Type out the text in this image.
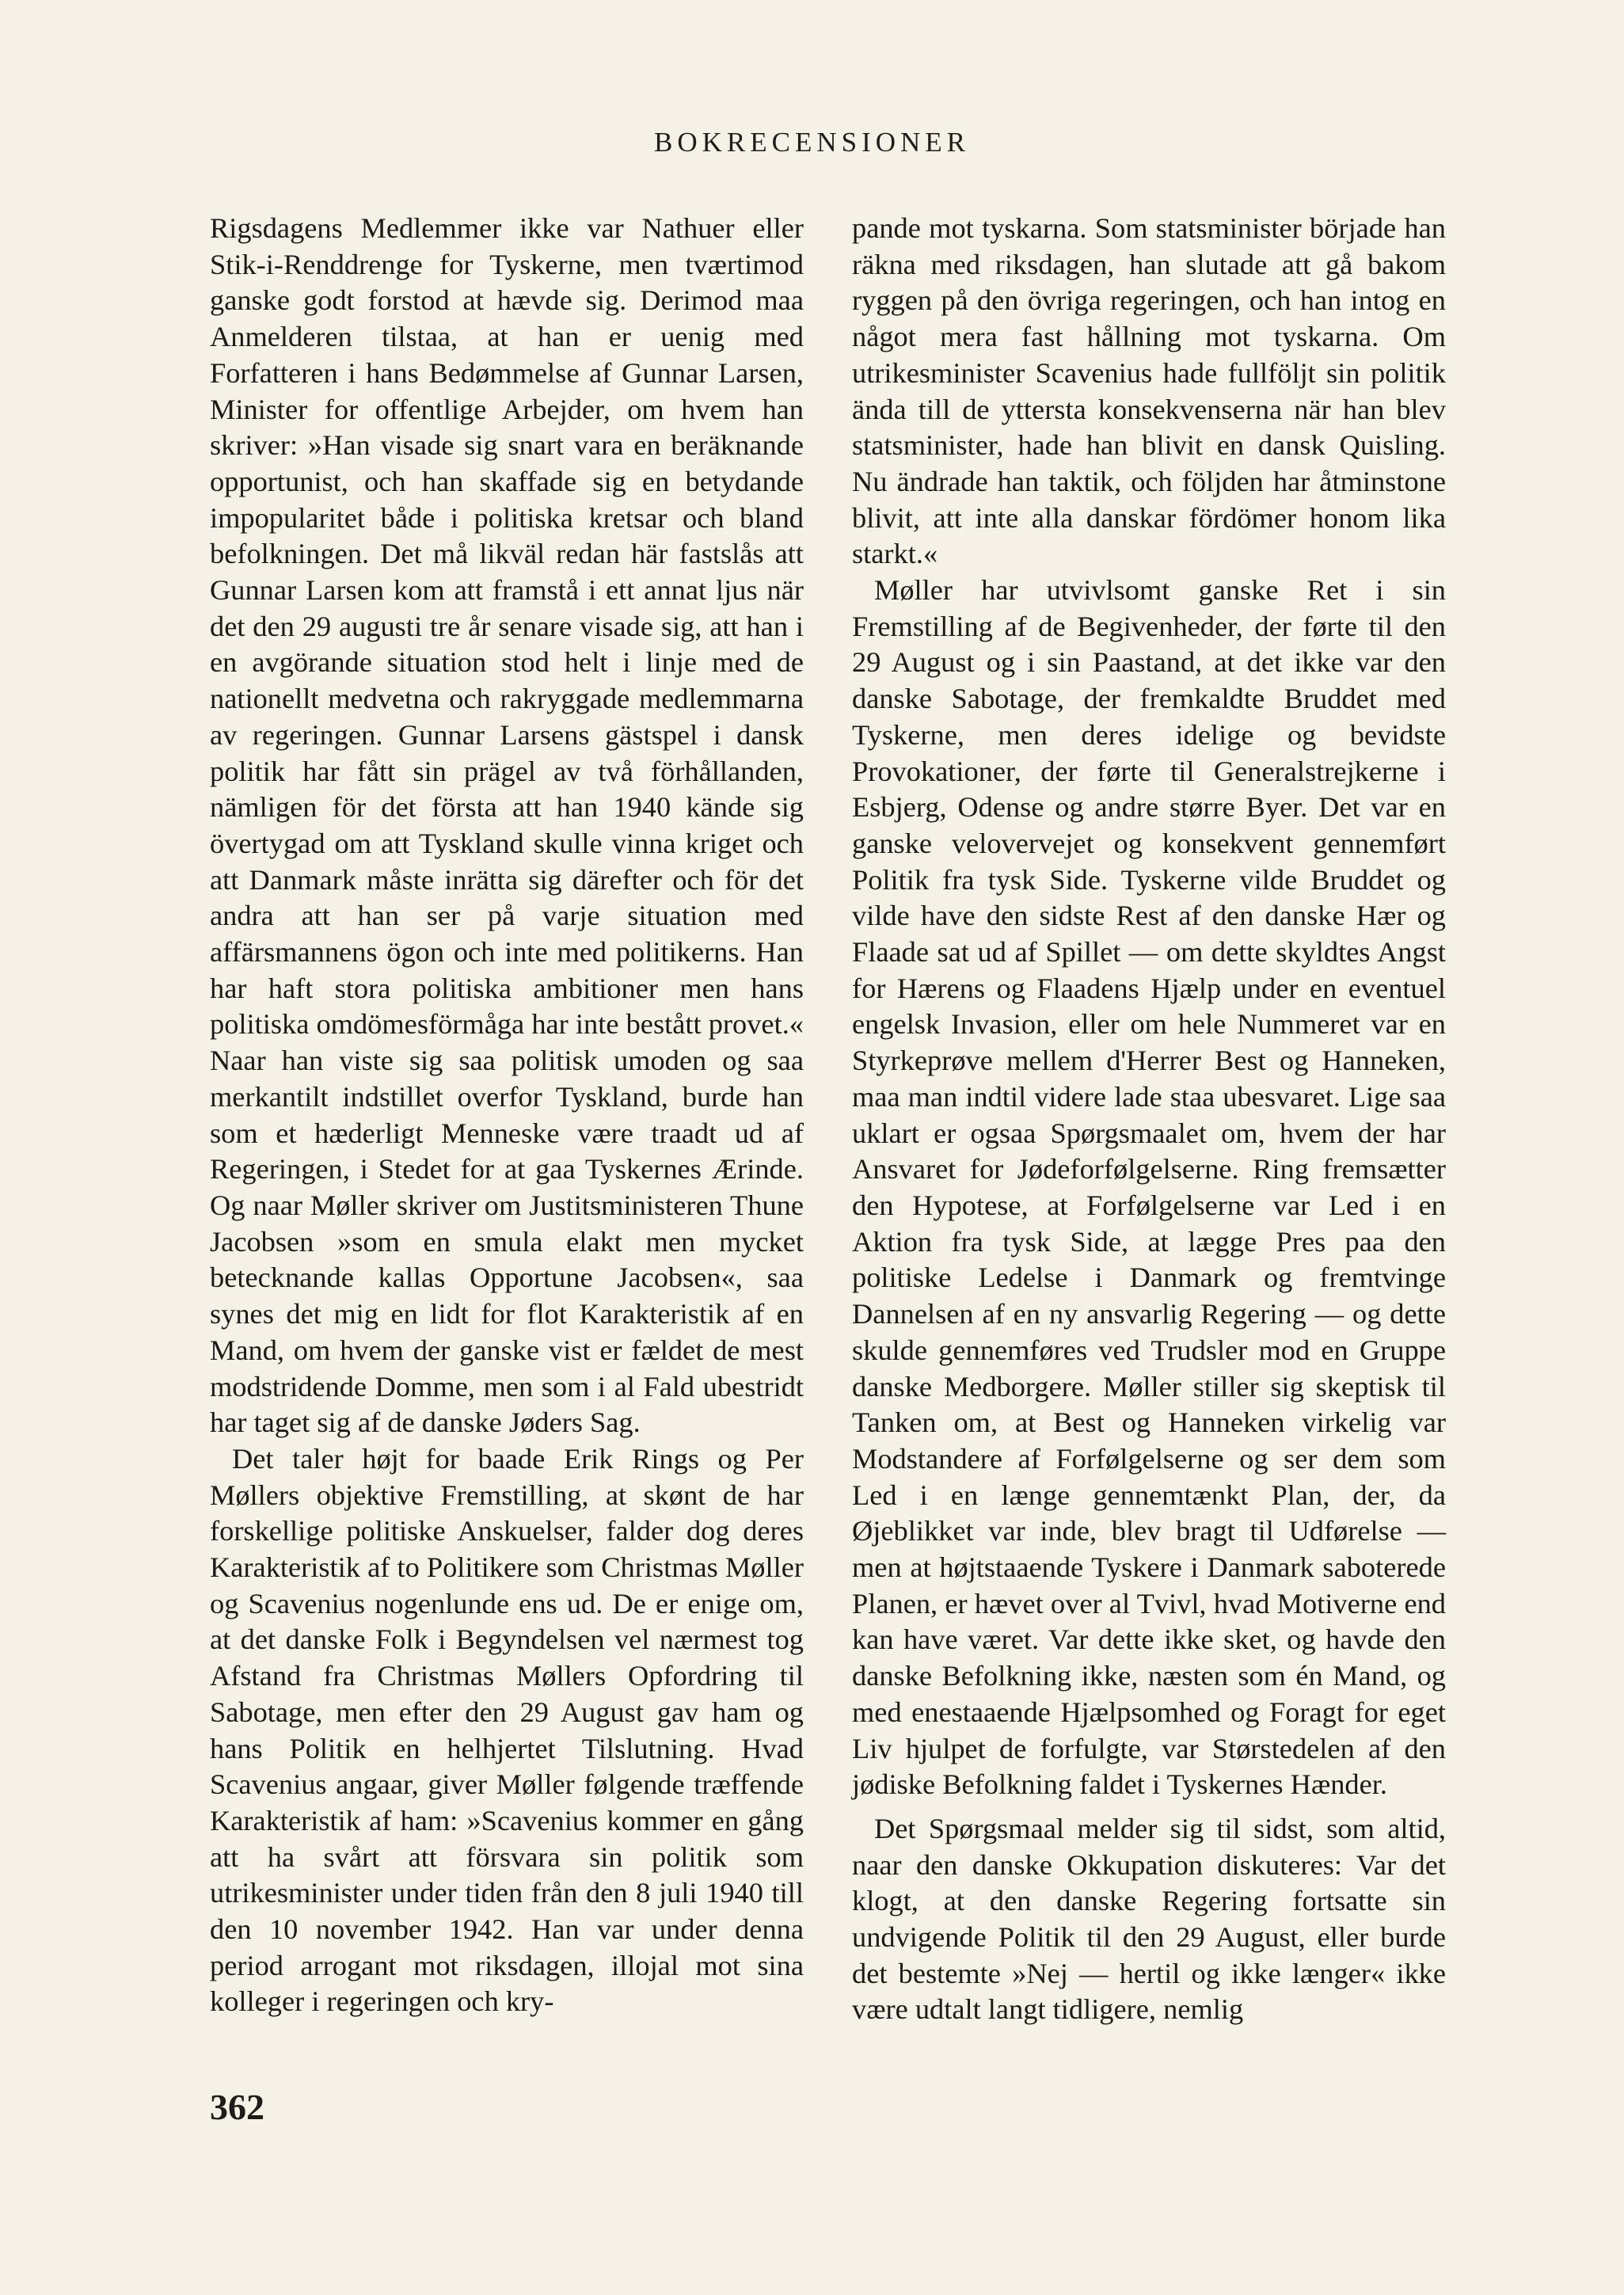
BOKRECENSIONER

Rigsdagens Medlemmer ikke var Nathuer eller Stik-i-Renddrenge for Tyskerne, men tværtimod ganske godt forstod at hævde sig. Derimod maa Anmelderen tilstaa, at han er uenig med Forfatteren i hans Bedømmelse af Gunnar Larsen, Minister for offentlige Arbejder, om hvem han skriver: »Han visade sig snart vara en beräknande opportunist, och han skaffade sig en betydande impopularitet både i politiska kretsar och bland befolkningen. Det må likväl redan här fastslås att Gunnar Larsen kom att framstå i ett annat ljus när det den 29 augusti tre år senare visade sig, att han i en avgörande situation stod helt i linje med de nationellt medvetna och rakryggade medlemmarna av regeringen. Gunnar Larsens gästspel i dansk politik har fått sin prägel av två förhållanden, nämligen för det första att han 1940 kände sig övertygad om att Tyskland skulle vinna kriget och att Danmark måste inrätta sig därefter och för det andra att han ser på varje situation med affärsmannens ögon och inte med politikerns. Han har haft stora politiska ambitioner men hans politiska omdömesförmåga har inte bestått provet.« Naar han viste sig saa politisk umoden og saa merkantilt indstillet overfor Tyskland, burde han som et hæderligt Menneske være traadt ud af Regeringen, i Stedet for at gaa Tyskernes Ærinde. Og naar Møller skriver om Justitsministeren Thune Jacobsen »som en smula elakt men mycket betecknande kallas Opportune Jacobsen«, saa synes det mig en lidt for flot Karakteristik af en Mand, om hvem der ganske vist er fældet de mest modstridende Domme, men som i al Fald ubestridt har taget sig af de danske Jøders Sag.

Det taler højt for baade Erik Rings og Per Møllers objektive Fremstilling, at skønt de har forskellige politiske Anskuelser, falder dog deres Karakteristik af to Politikere som Christmas Møller og Scavenius nogenlunde ens ud. De er enige om, at det danske Folk i Begyndelsen vel nærmest tog Afstand fra Christmas Møllers Opfordring til Sabotage, men efter den 29 August gav ham og hans Politik en helhjertet Tilslutning. Hvad Scavenius angaar, giver Møller følgende træffende Karakteristik af ham: »Scavenius kommer en gång att ha svårt att försvara sin politik som utrikesminister under tiden från den 8 juli 1940 till den 10 november 1942. Han var under denna period arrogant mot riksdagen, illojal mot sina kolleger i regeringen och kry-

pande mot tyskarna. Som statsminister började han räkna med riksdagen, han slutade att gå bakom ryggen på den övriga regeringen, och han intog en något mera fast hållning mot tyskarna. Om utrikesminister Scavenius hade fullföljt sin politik ända till de yttersta konsekvenserna när han blev statsminister, hade han blivit en dansk Quisling. Nu ändrade han taktik, och följden har åtminstone blivit, att inte alla danskar fördömer honom lika starkt.«

Møller har utvivlsomt ganske Ret i sin Fremstilling af de Begivenheder, der førte til den 29 August og i sin Paastand, at det ikke var den danske Sabotage, der fremkaldte Bruddet med Tyskerne, men deres idelige og bevidste Provokationer, der førte til Generalstrejkerne i Esbjerg, Odense og andre større Byer. Det var en ganske velovervejet og konsekvent gennemført Politik fra tysk Side. Tyskerne vilde Bruddet og vilde have den sidste Rest af den danske Hær og Flaade sat ud af Spillet — om dette skyldtes Angst for Hærens og Flaadens Hjælp under en eventuel engelsk Invasion, eller om hele Nummeret var en Styrkeprøve mellem d'Herrer Best og Hanneken, maa man indtil videre lade staa ubesvaret. Lige saa uklart er ogsaa Spørgsmaalet om, hvem der har Ansvaret for Jødeforfølgelserne. Ring fremsætter den Hypotese, at Forfølgelserne var Led i en Aktion fra tysk Side, at lægge Pres paa den politiske Ledelse i Danmark og fremtvinge Dannelsen af en ny ansvarlig Regering — og dette skulde gennemføres ved Trudsler mod en Gruppe danske Medborgere. Møller stiller sig skeptisk til Tanken om, at Best og Hanneken virkelig var Modstandere af Forfølgelserne og ser dem som Led i en længe gennemtænkt Plan, der, da Øjeblikket var inde, blev bragt til Udførelse — men at højtstaaende Tyskere i Danmark saboterede Planen, er hævet over al Tvivl, hvad Motiverne end kan have været. Var dette ikke sket, og havde den danske Befolkning ikke, næsten som én Mand, og med enestaaende Hjælpsomhed og Foragt for eget Liv hjulpet de forfulgte, var Størstedelen af den jødiske Befolkning faldet i Tyskernes Hænder.

Det Spørgsmaal melder sig til sidst, som altid, naar den danske Okkupation diskuteres: Var det klogt, at den danske Regering fortsatte sin undvigende Politik til den 29 August, eller burde det bestemte »Nej — hertil og ikke længer« ikke være udtalt langt tidligere, nemlig

362
